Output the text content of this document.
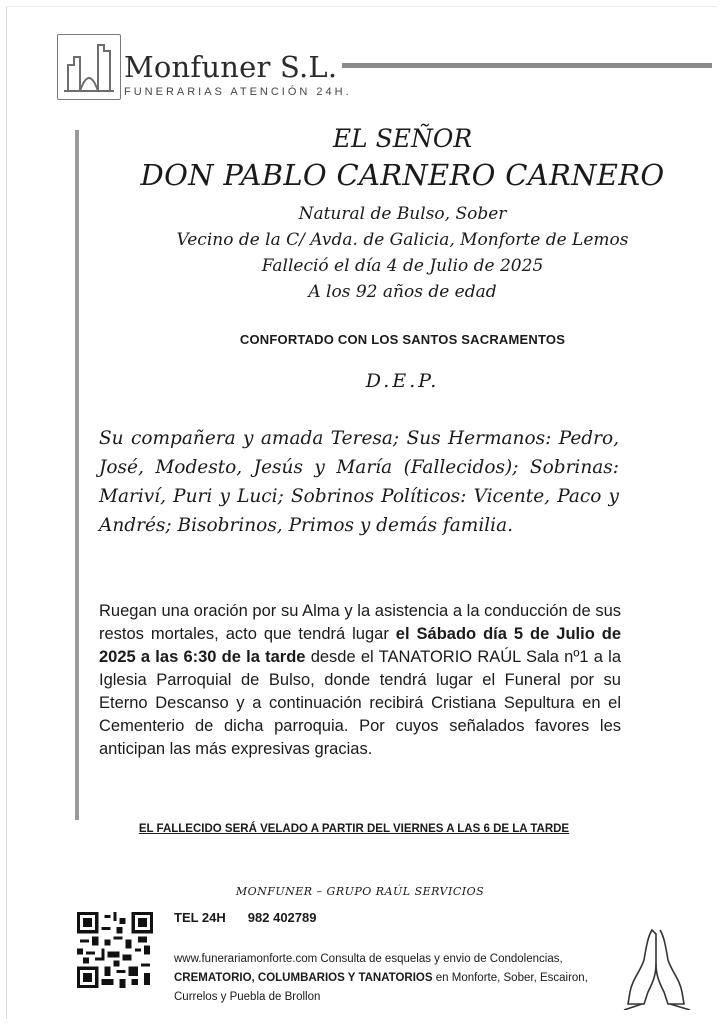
Monfuner S.L.
FUNERARIAS ATENCIÓN 24H.
EL SEÑOR
DON PABLO CARNERO CARNERO
Natural de Bulso, Sober
Vecino de la C/ Avda. de Galicia, Monforte de Lemos
Falleció el día 4 de Julio de 2025
A los 92 años de edad
CONFORTADO CON LOS SANTOS SACRAMENTOS
D.E.P.
Su compañera y amada Teresa; Sus Hermanos: Pedro, José, Modesto, Jesús y María (Fallecidos); Sobrinas: Mariví, Puri y Luci; Sobrinos Políticos: Vicente, Paco y Andrés; Bisobrinos, Primos y demás familia.
Ruegan una oración por su Alma y la asistencia a la conducción de sus restos mortales, acto que tendrá lugar el Sábado día 5 de Julio de 2025 a las 6:30 de la tarde desde el TANATORIO RAÚL Sala nº1 a la Iglesia Parroquial de Bulso, donde tendrá lugar el Funeral por su Eterno Descanso y a continuación recibirá Cristiana Sepultura en el Cementerio de dicha parroquia. Por cuyos señalados favores les anticipan las más expresivas gracias.
EL FALLECIDO SERÁ VELADO A PARTIR DEL VIERNES A LAS 6 DE LA TARDE
MONFUNER – GRUPO RAÚL SERVICIOS
TEL 24H 982 402789
www.funerariamonforte.com Consulta de esquelas y envio de Condolencias, CREMATORIO, COLUMBARIOS Y TANATORIOS en Monforte, Sober, Escairon, Currelos y Puebla de Brollon
